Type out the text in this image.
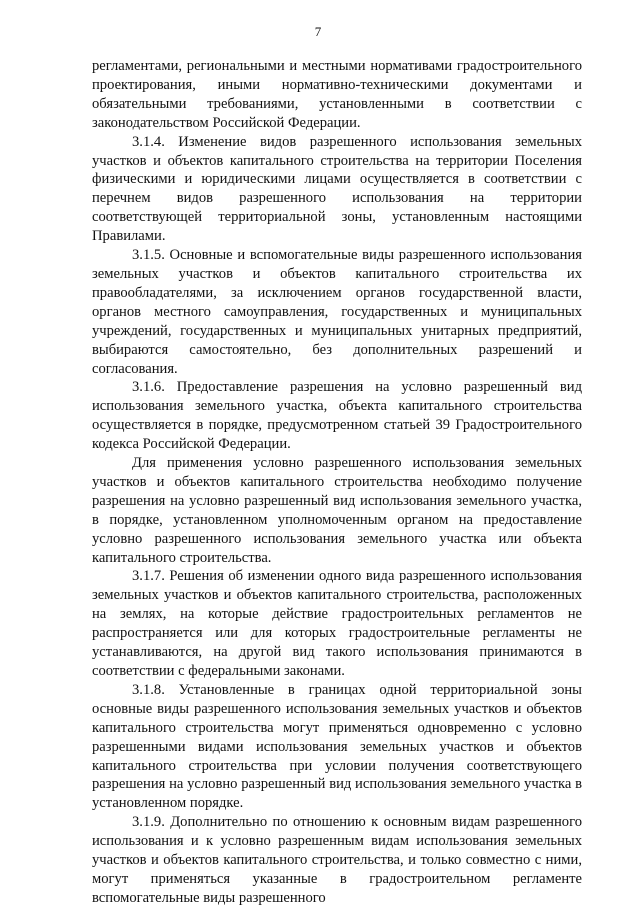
7

регламентами, региональными и местными нормативами градостроительного проектирования, иными нормативно-техническими документами и обязательными требованиями, установленными в соответствии с законодательством Российской Федерации.

3.1.4. Изменение видов разрешенного использования земельных участков и объектов капитального строительства на территории Поселения физическими и юридическими лицами осуществляется в соответствии с перечнем видов разрешенного использования на территории соответствующей территориальной зоны, установленным настоящими Правилами.

3.1.5. Основные и вспомогательные виды разрешенного использования земельных участков и объектов капитального строительства их правообладателями, за исключением органов государственной власти, органов местного самоуправления, государственных и муниципальных учреждений, государственных и муниципальных унитарных предприятий, выбираются самостоятельно, без дополнительных разрешений и согласования.

3.1.6. Предоставление разрешения на условно разрешенный вид использования земельного участка, объекта капитального строительства осуществляется в порядке, предусмотренном статьей 39 Градостроительного кодекса Российской Федерации.

Для применения условно разрешенного использования земельных участков и объектов капитального строительства необходимо получение разрешения на условно разрешенный вид использования земельного участка, в порядке, установленном уполномоченным органом на предоставление условно разрешенного использования земельного участка или объекта капитального строительства.

3.1.7. Решения об изменении одного вида разрешенного использования земельных участков и объектов капитального строительства, расположенных на землях, на которые действие градостроительных регламентов не распространяется или для которых градостроительные регламенты не устанавливаются, на другой вид такого использования принимаются в соответствии с федеральными законами.

3.1.8. Установленные в границах одной территориальной зоны основные виды разрешенного использования земельных участков и объектов капитального строительства могут применяться одновременно с условно разрешенными видами использования земельных участков и объектов капитального строительства при условии получения соответствующего разрешения на условно разрешенный вид использования земельного участка в установленном порядке.

3.1.9. Дополнительно по отношению к основным видам разрешенного использования и к условно разрешенным видам использования земельных участков и объектов капитального строительства, и только совместно с ними, могут применяться указанные в градостроительном регламенте вспомогательные виды разрешенного
